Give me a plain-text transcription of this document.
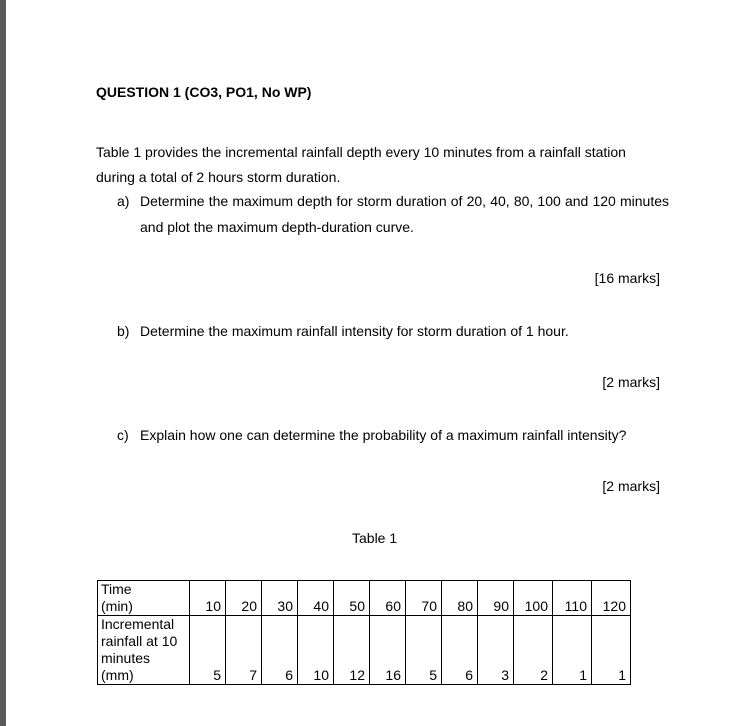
QUESTION 1 (CO3, PO1, No WP)
Table 1 provides the incremental rainfall depth every 10 minutes from a rainfall station during a total of 2 hours storm duration.
a) Determine the maximum depth for storm duration of 20, 40, 80, 100 and 120 minutes and plot the maximum depth-duration curve.
[16 marks]
b) Determine the maximum rainfall intensity for storm duration of 1 hour.
[2 marks]
c) Explain how one can determine the probability of a maximum rainfall intensity?
[2 marks]
Table 1
Time
(min)	10	20	30	40	50	60	70	80	90	100	110	120

Incremental
rainfall at 10
minutes
(mm)	5	7	6	10	12	16	5	6	3	2	1	1
